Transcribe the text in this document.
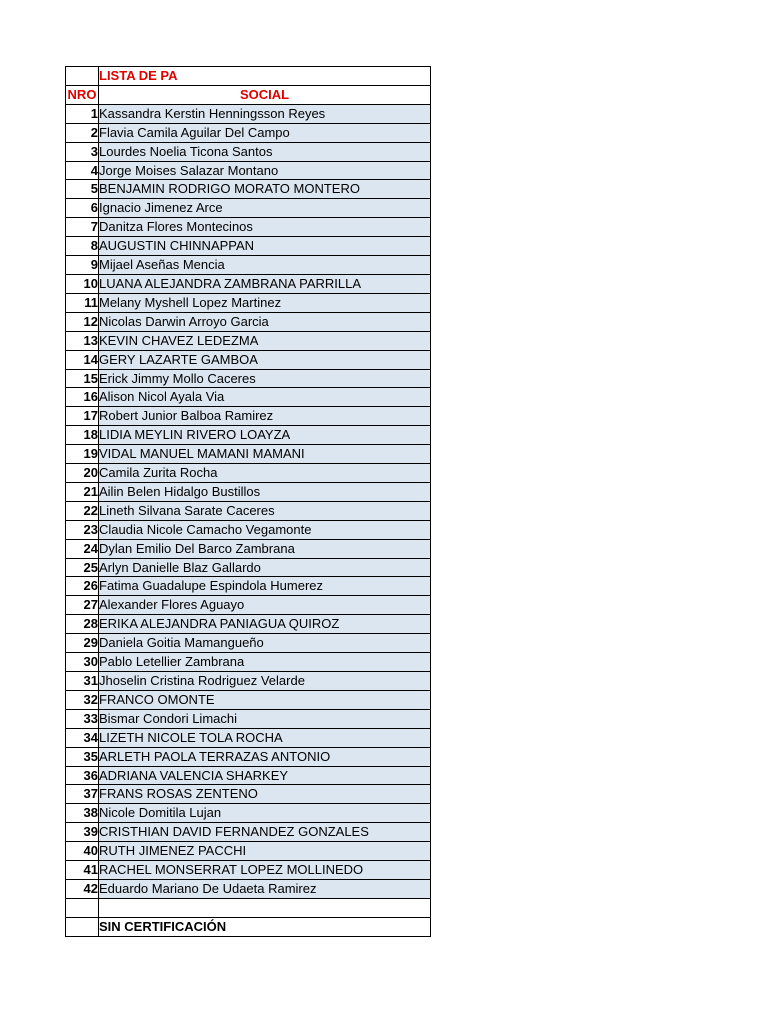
	LISTA DE PA
NRO	SOCIAL
1	Kassandra Kerstin Henningsson Reyes
2	Flavia Camila Aguilar Del Campo
3	Lourdes Noelia Ticona Santos
4	Jorge Moises Salazar Montano
5	BENJAMIN RODRIGO MORATO MONTERO
6	Ignacio Jimenez Arce
7	Danitza Flores Montecinos
8	AUGUSTIN CHINNAPPAN
9	Mijael Aseñas Mencia
10	LUANA ALEJANDRA ZAMBRANA PARRILLA
11	Melany Myshell Lopez Martinez
12	Nicolas Darwin Arroyo Garcia
13	KEVIN CHAVEZ LEDEZMA
14	GERY LAZARTE GAMBOA
15	Erick Jimmy Mollo Caceres
16	Alison Nicol Ayala Via
17	Robert Junior Balboa Ramirez
18	LIDIA MEYLIN RIVERO LOAYZA
19	VIDAL MANUEL MAMANI MAMANI
20	Camila Zurita Rocha
21	Ailin Belen Hidalgo Bustillos
22	Lineth Silvana Sarate Caceres
23	Claudia Nicole Camacho Vegamonte
24	Dylan Emilio Del Barco Zambrana
25	Arlyn Danielle Blaz Gallardo
26	Fatima Guadalupe Espindola Humerez
27	Alexander Flores Aguayo
28	ERIKA ALEJANDRA PANIAGUA QUIROZ
29	Daniela Goitia Mamangueño
30	Pablo Letellier Zambrana
31	Jhoselin Cristina Rodriguez Velarde
32	FRANCO OMONTE
33	Bismar Condori Limachi
34	LIZETH NICOLE TOLA ROCHA
35	ARLETH PAOLA TERRAZAS ANTONIO
36	ADRIANA VALENCIA SHARKEY
37	FRANS ROSAS ZENTENO
38	Nicole Domitila Lujan
39	CRISTHIAN DAVID FERNANDEZ GONZALES
40	RUTH JIMENEZ PACCHI
41	RACHEL MONSERRAT LOPEZ MOLLINEDO
42	Eduardo Mariano De Udaeta Ramirez

	SIN CERTIFICACIÓN
